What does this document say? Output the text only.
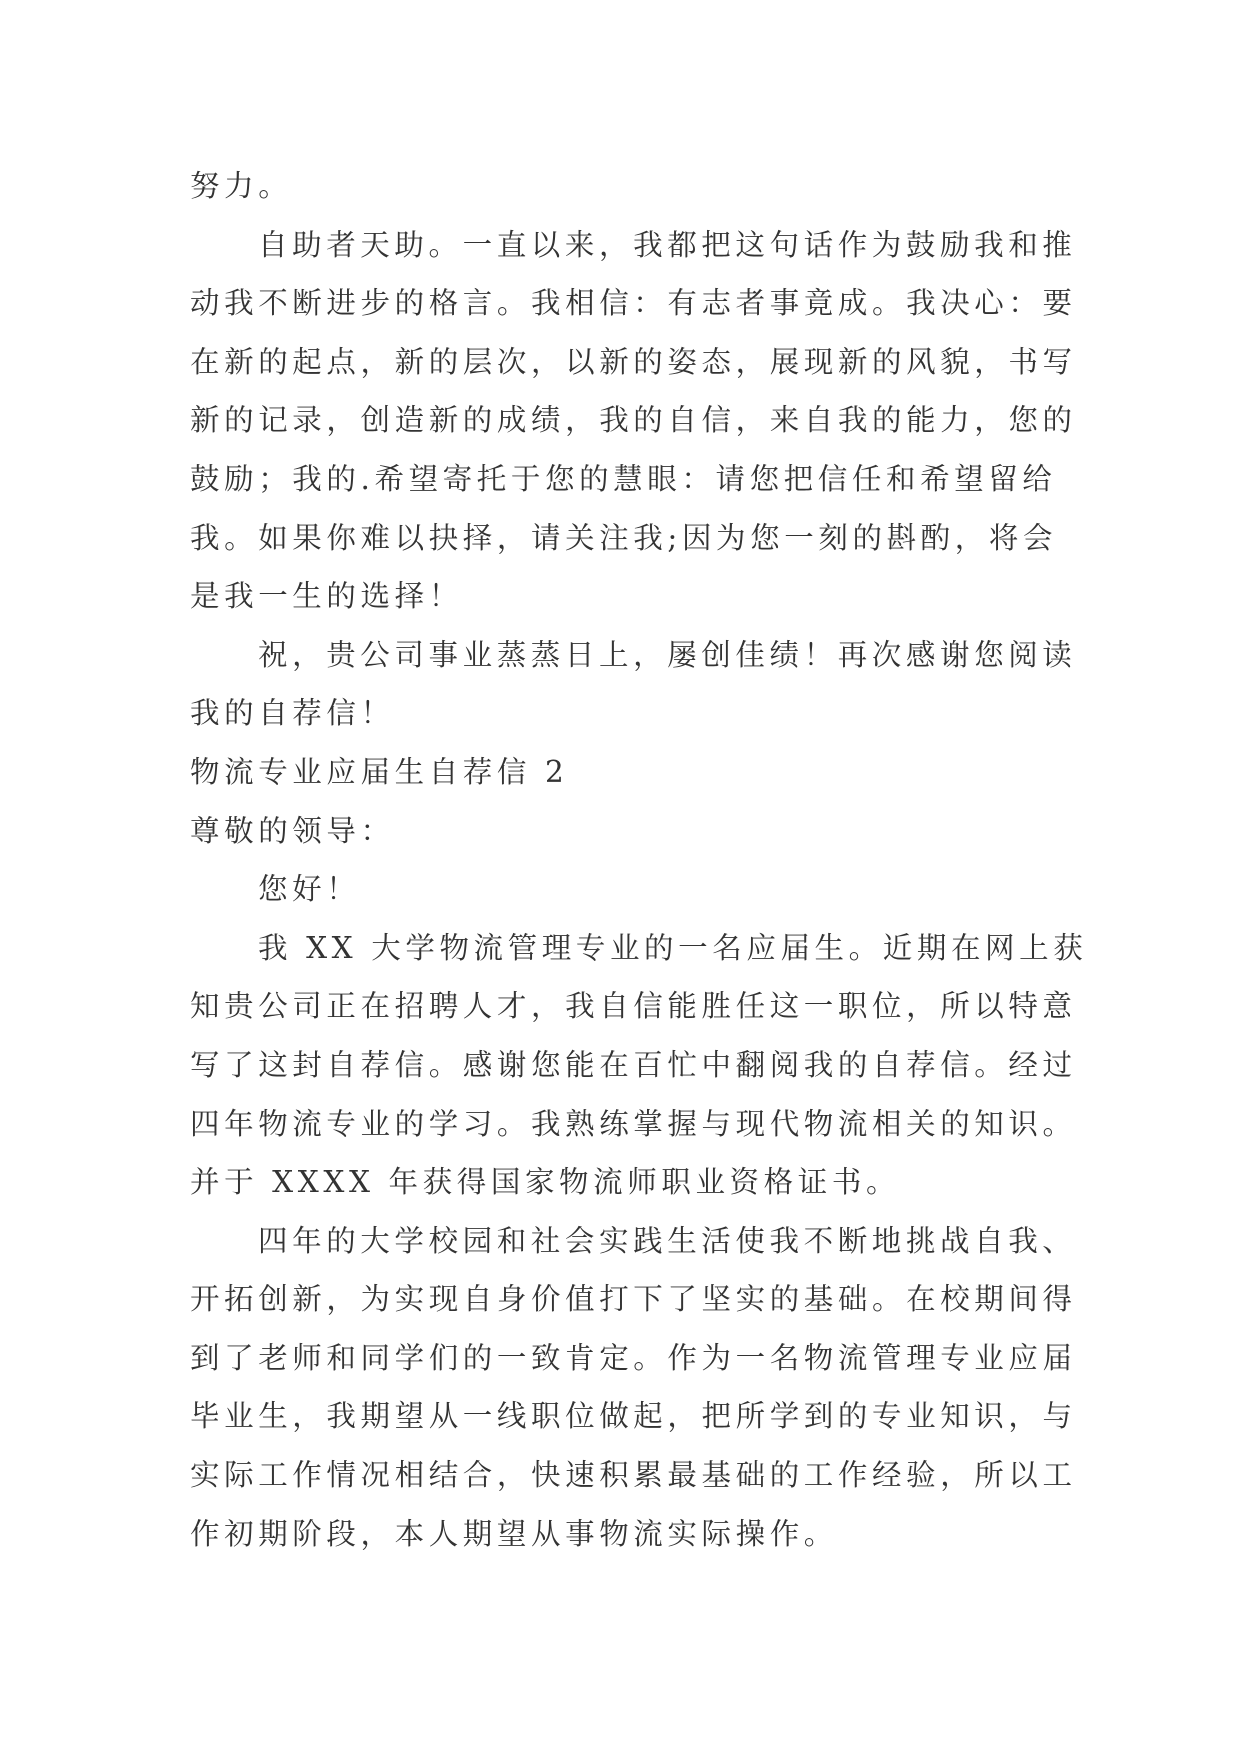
努力。

自助者天助。一直以来，我都把这句话作为鼓励我和推

动我不断进步的格言。我相信：有志者事竟成。我决心：要

在新的起点，新的层次，以新的姿态，展现新的风貌，书写

新的记录，创造新的成绩，我的自信，来自我的能力，您的

鼓励；我的.希望寄托于您的慧眼：请您把信任和希望留给

我。如果你难以抉择，请关注我;因为您一刻的斟酌，将会

是我一生的选择！

祝，贵公司事业蒸蒸日上，屡创佳绩！再次感谢您阅读

我的自荐信！

物流专业应届生自荐信 2

尊敬的领导：

您好！

我 XX 大学物流管理专业的一名应届生。近期在网上获

知贵公司正在招聘人才，我自信能胜任这一职位，所以特意

写了这封自荐信。感谢您能在百忙中翻阅我的自荐信。经过

四年物流专业的学习。我熟练掌握与现代物流相关的知识。

并于 XXXX 年获得国家物流师职业资格证书。

四年的大学校园和社会实践生活使我不断地挑战自我、

开拓创新，为实现自身价值打下了坚实的基础。在校期间得

到了老师和同学们的一致肯定。作为一名物流管理专业应届

毕业生，我期望从一线职位做起，把所学到的专业知识，与

实际工作情况相结合，快速积累最基础的工作经验，所以工

作初期阶段，本人期望从事物流实际操作。
